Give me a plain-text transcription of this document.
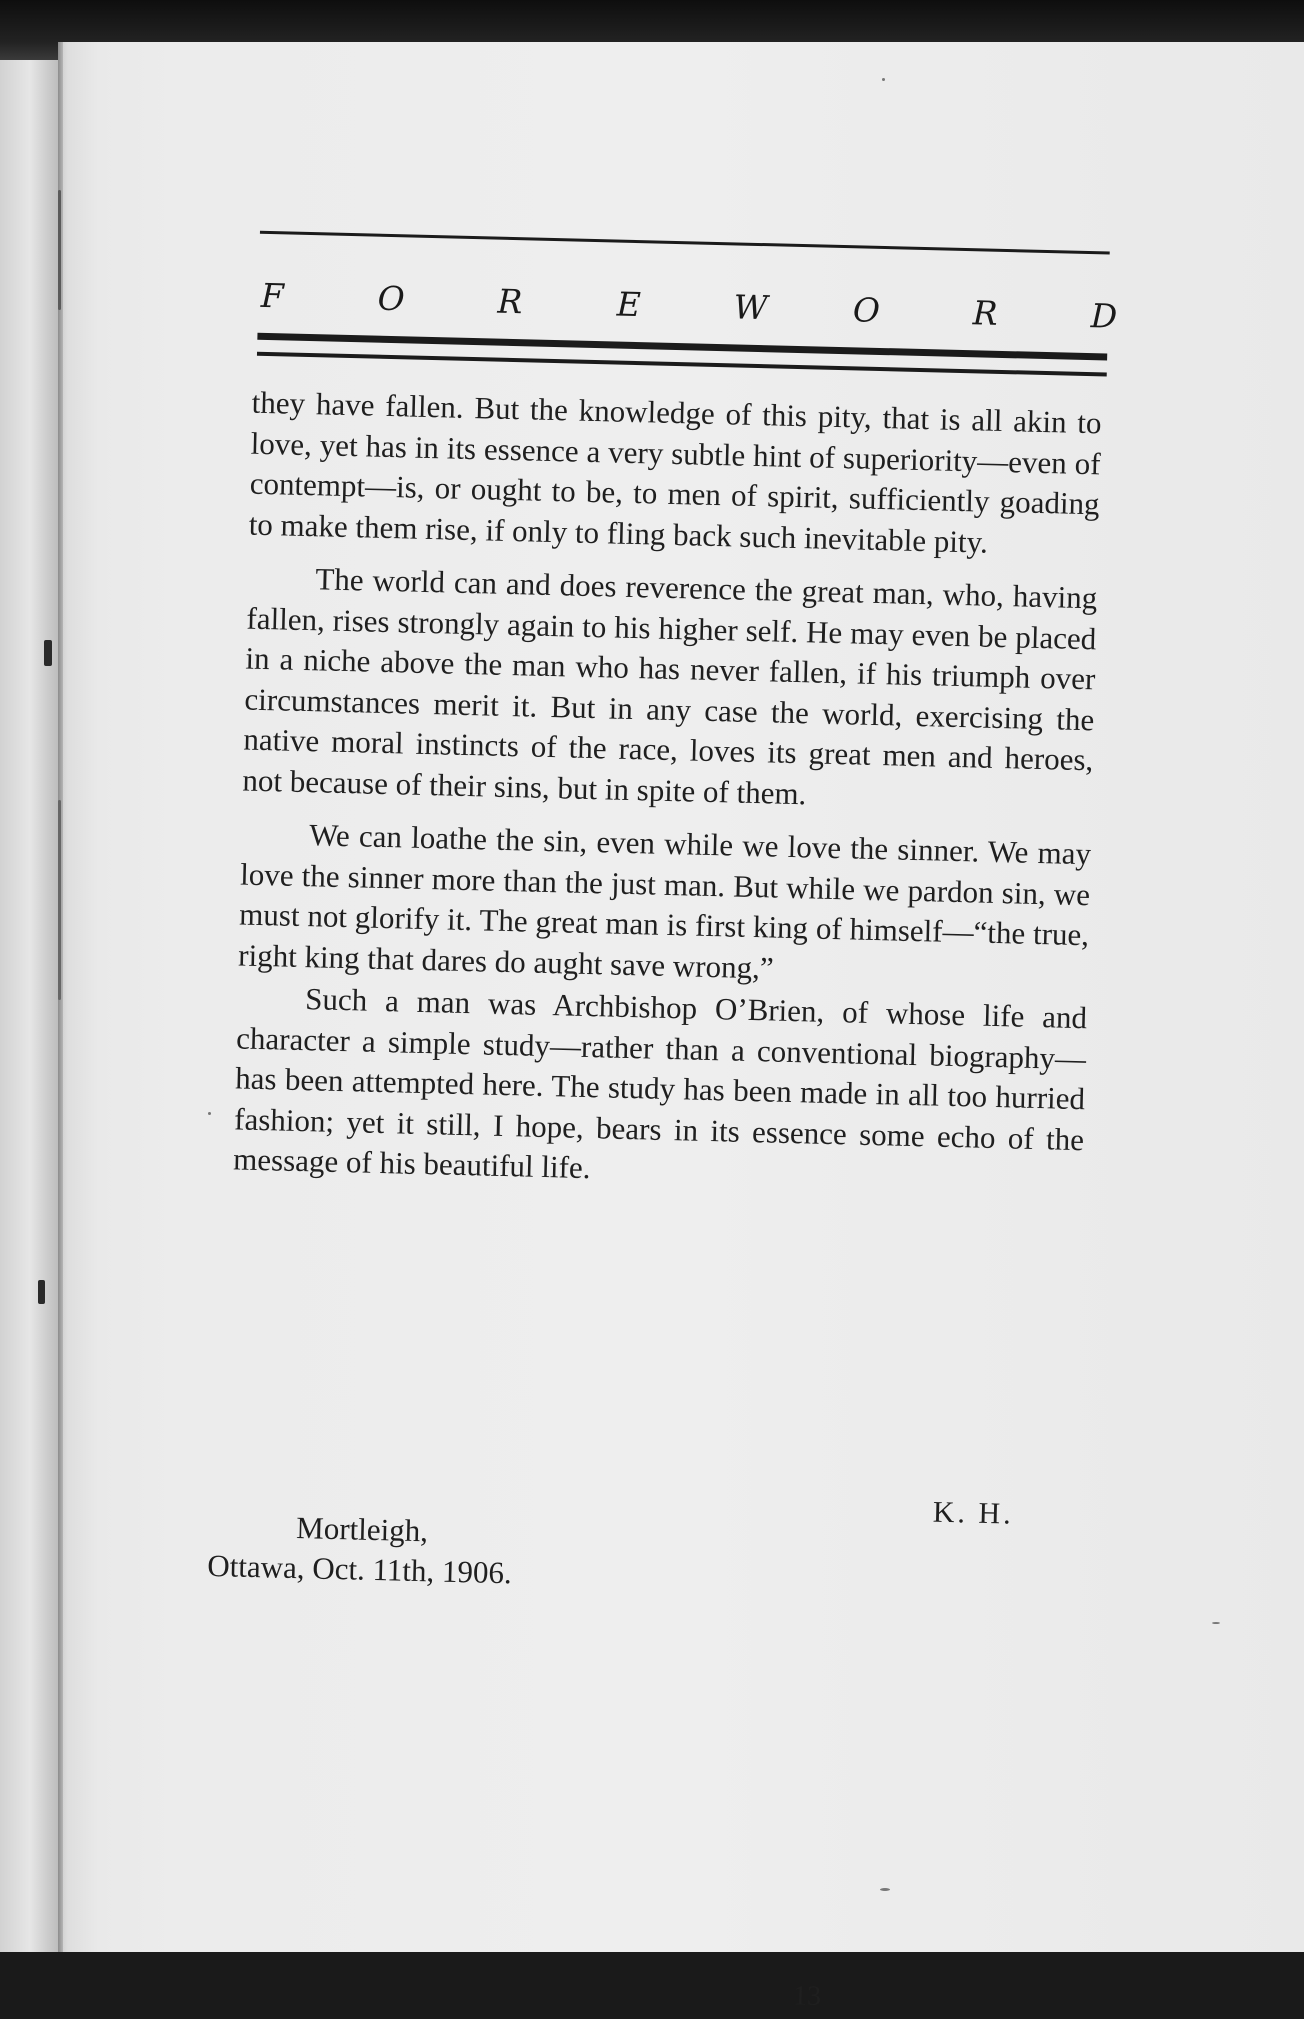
F	O	R	E	W	O	R	D

they have fallen. But the knowledge of this pity, that is all akin to love, yet has in its essence a very subtle hint of superiority—even of contempt—is, or ought to be, to men of spirit, sufficiently goading to make them rise, if only to fling back such inevitable pity.

The world can and does reverence the great man, who, having fallen, rises strongly again to his higher self. He may even be placed in a niche above the man who has never fallen, if his triumph over circumstances merit it. But in any case the world, exercising the native moral instincts of the race, loves its great men and heroes, not because of their sins, but in spite of them.

We can loathe the sin, even while we love the sinner. We may love the sinner more than the just man. But while we pardon sin, we must not glorify it. The great man is first king of himself—“the true, right king that dares do aught save wrong,”

Such a man was Archbishop O’Brien, of whose life and character a simple study—rather than a conventional biography—has been attempted here. The study has been made in all too hurried fashion; yet it still, I hope, bears in its essence some echo of the message of his beautiful life.

K. H.
Mortleigh,
Ottawa, Oct. 11th, 1906.
13
